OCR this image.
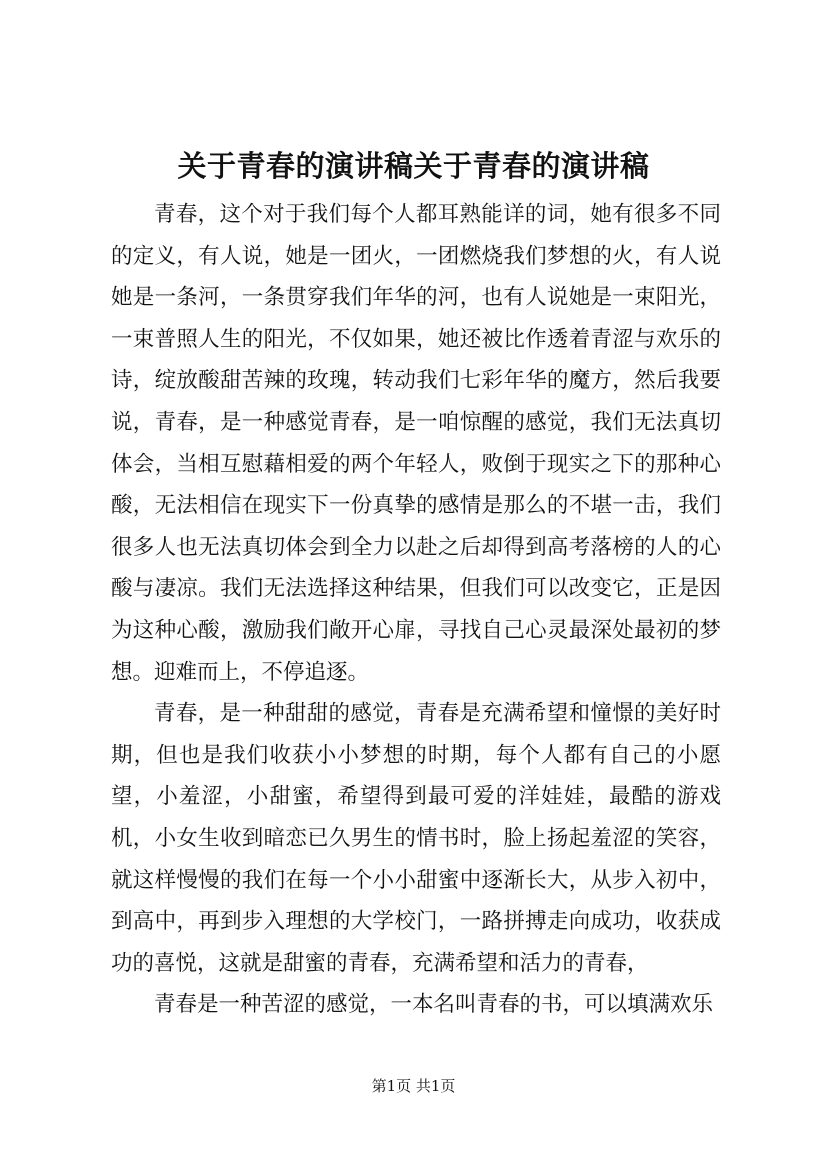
关于青春的演讲稿关于青春的演讲稿

青春，这个对于我们每个人都耳熟能详的词，她有很多不同的定义，有人说，她是一团火，一团燃烧我们梦想的火，有人说她是一条河，一条贯穿我们年华的河，也有人说她是一束阳光，一束普照人生的阳光，不仅如果，她还被比作透着青涩与欢乐的诗，绽放酸甜苦辣的玫瑰，转动我们七彩年华的魔方，然后我要说，青春，是一种感觉青春，是一咱惊醒的感觉，我们无法真切体会，当相互慰藉相爱的两个年轻人，败倒于现实之下的那种心酸，无法相信在现实下一份真挚的感情是那么的不堪一击，我们很多人也无法真切体会到全力以赴之后却得到高考落榜的人的心酸与凄凉。我们无法选择这种结果，但我们可以改变它，正是因为这种心酸，激励我们敞开心扉，寻找自己心灵最深处最初的梦想。迎难而上，不停追逐。

青春，是一种甜甜的感觉，青春是充满希望和憧憬的美好时期，但也是我们收获小小梦想的时期，每个人都有自己的小愿望，小羞涩，小甜蜜，希望得到最可爱的洋娃娃，最酷的游戏机，小女生收到暗恋已久男生的情书时，脸上扬起羞涩的笑容，就这样慢慢的我们在每一个小小甜蜜中逐渐长大，从步入初中，到高中，再到步入理想的大学校门，一路拼搏走向成功，收获成功的喜悦，这就是甜蜜的青春，充满希望和活力的青春，

青春是一种苦涩的感觉，一本名叫青春的书，可以填满欢乐

第1页 共1页
